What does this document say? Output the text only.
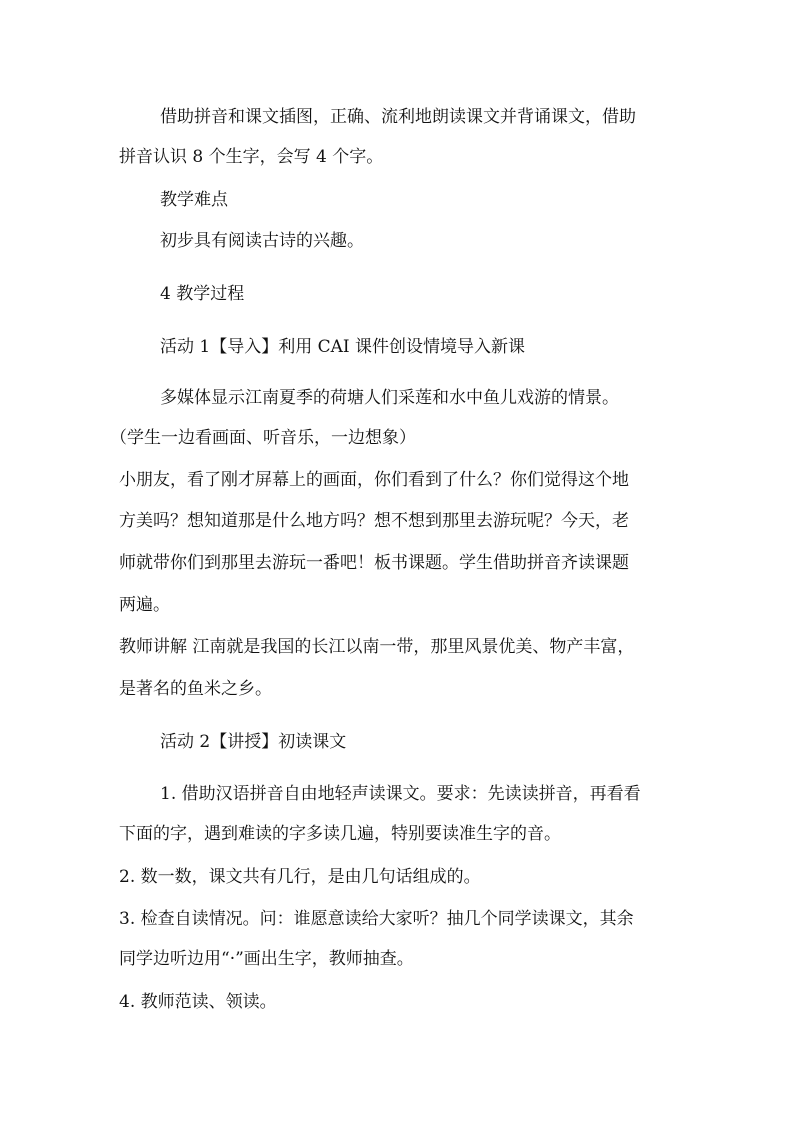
借助拼音和课文插图，正确、流利地朗读课文并背诵课文，借助
拼音认识 8 个生字，会写 4 个字。
教学难点
初步具有阅读古诗的兴趣。
4 教学过程
活动 1【导入】利用 CAI 课件创设情境导入新课
多媒体显示江南夏季的荷塘人们采莲和水中鱼儿戏游的情景。
（学生一边看画面、听音乐，一边想象）
小朋友，看了刚才屏幕上的画面，你们看到了什么？你们觉得这个地
方美吗？想知道那是什么地方吗？想不想到那里去游玩呢？今天，老
师就带你们到那里去游玩一番吧！板书课题。学生借助拼音齐读课题
两遍。
教师讲解 江南就是我国的长江以南一带，那里风景优美、物产丰富，
是著名的鱼米之乡。
活动 2【讲授】初读课文
1. 借助汉语拼音自由地轻声读课文。要求：先读读拼音，再看看
下面的字，遇到难读的字多读几遍，特别要读准生字的音。
2. 数一数，课文共有几行，是由几句话组成的。
3. 检查自读情况。问：谁愿意读给大家听？抽几个同学读课文，其余
同学边听边用“·”画出生字，教师抽查。
4. 教师范读、领读。
